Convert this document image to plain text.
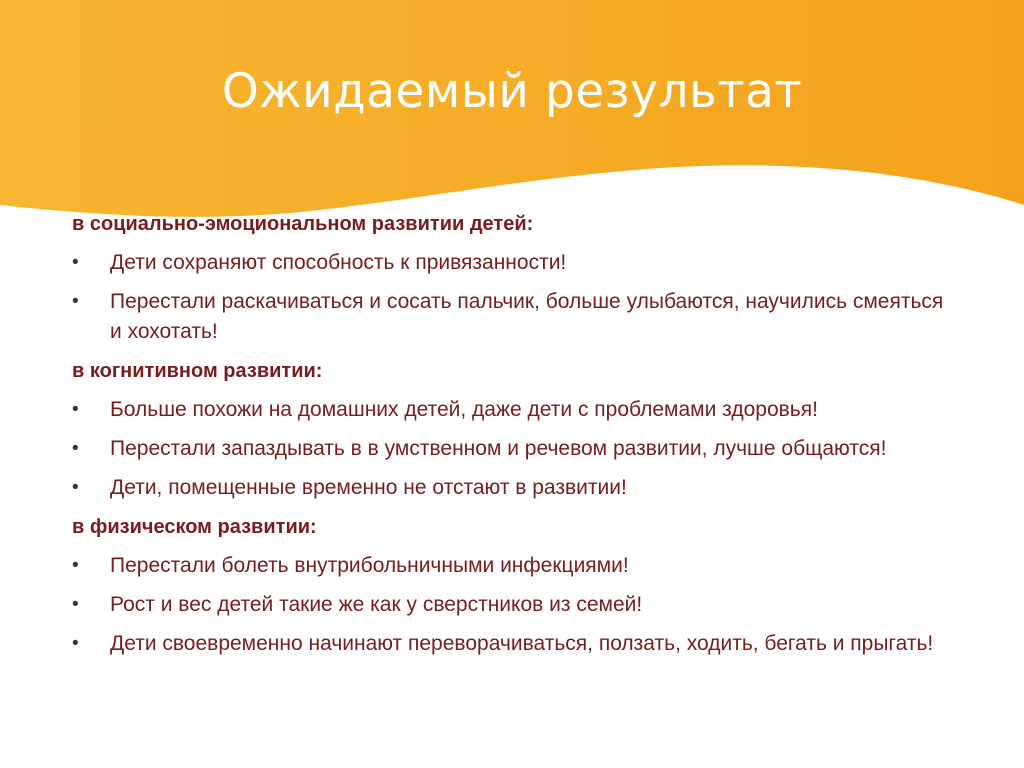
Ожидаемый результат
в социально-эмоциональном развитии детей:
• Дети сохраняют способность к привязанности!
• Перестали раскачиваться и сосать пальчик, больше улыбаются, научились смеяться и хохотать!
в когнитивном развитии:
• Больше похожи на домашних детей, даже дети с проблемами здоровья!
• Перестали запаздывать в в умственном и речевом развитии, лучше общаются!
• Дети, помещенные временно не отстают в развитии!
в физическом развитии:
• Перестали болеть внутрибольничными инфекциями!
• Рост и вес детей такие же как у сверстников из семей!
• Дети своевременно начинают переворачиваться, ползать, ходить, бегать и прыгать!
